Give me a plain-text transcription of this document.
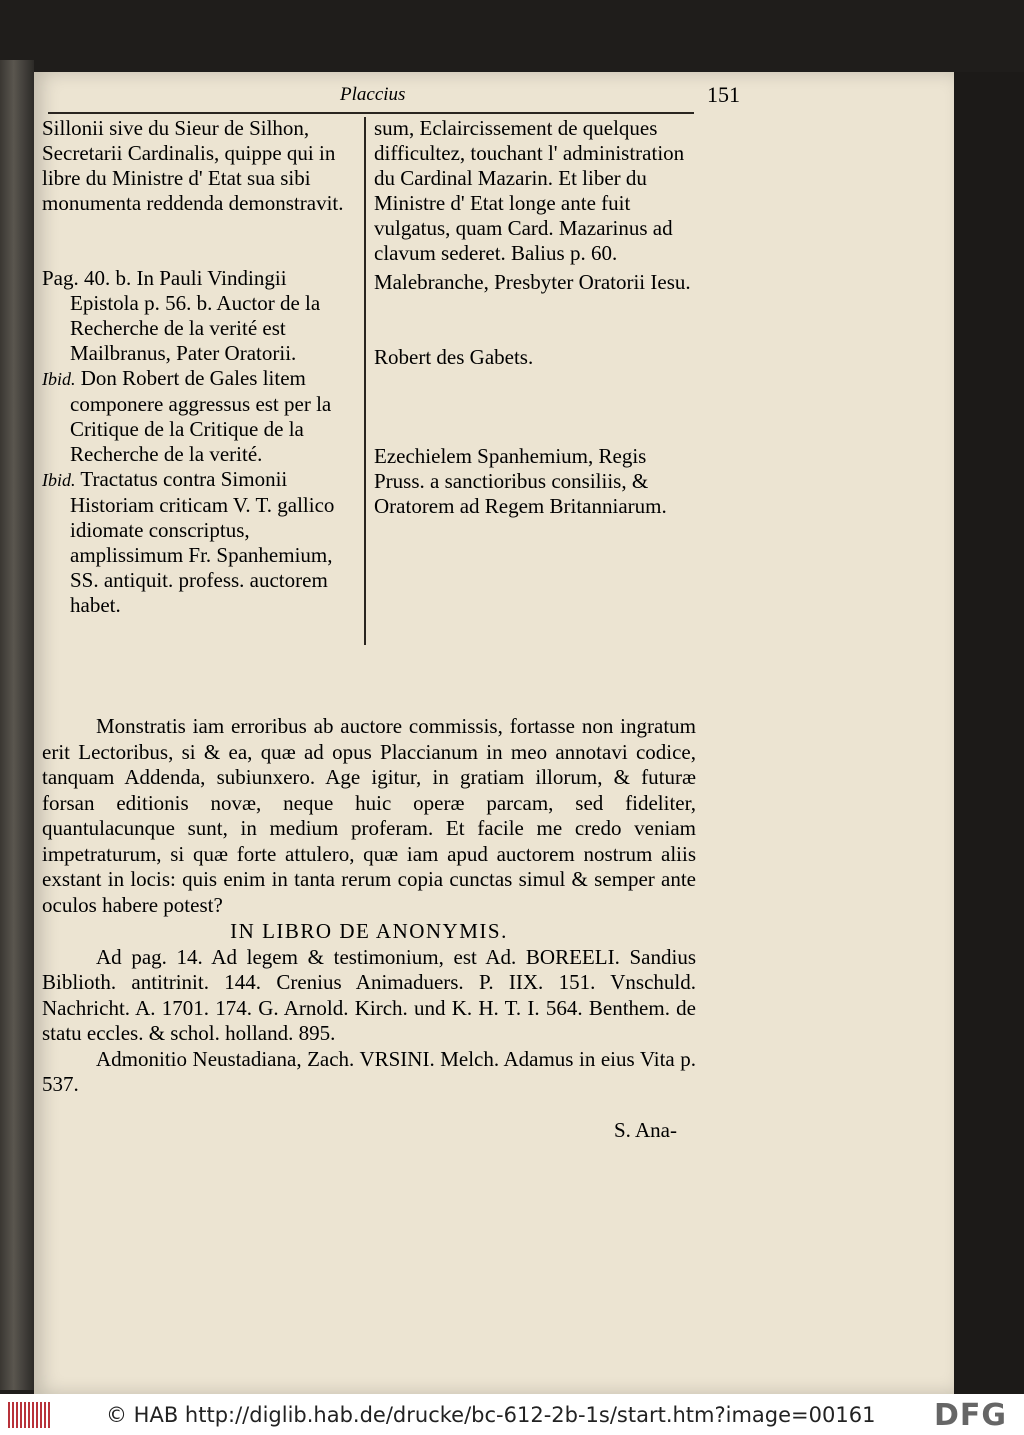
Placcius	151

Sillonii sive du Sieur de Silhon, Secretarii Cardinalis, quippe qui in libre du Ministre d' Etat sua sibi monumenta reddenda demonstravit.

Pag. 40. b. In Pauli Vindingii Epistola p. 56. b. Auctor de la Recherche de la verité est Mailbranus, Pater Oratorii.

Ibid. Don Robert de Gales litem componere aggressus est per la Critique de la Critique de la Recherche de la verité.

Ibid. Tractatus contra Simonii Historiam criticam V. T. gallico idiomate conscriptus, amplissimum Fr. Spanhemium, SS. antiquit. profess. auctorem habet.

sum, Eclaircissement de quelques difficultez, touchant l' administration du Cardinal Mazarin. Et liber du Ministre d' Etat longe ante fuit vulgatus, quam Card. Mazarinus ad clavum sederet. Balius p. 60.

Malebranche, Presbyter Oratorii Iesu.

Robert des Gabets.

Ezechielem Spanhemium, Regis Pruss. a sanctioribus consiliis, & Oratorem ad Regem Britanniarum.

Monstratis iam erroribus ab auctore commissis, fortasse non ingratum erit Lectoribus, si & ea, quæ ad opus Placcianum in meo annotavi codice, tanquam Addenda, subiunxero. Age igitur, in gratiam illorum, & futuræ forsan editionis novæ, neque huic operæ parcam, sed fideliter, quantulacunque sunt, in medium proferam. Et facile me credo veniam impetraturum, si quæ forte attulero, quæ iam apud auctorem nostrum aliis exstant in locis: quis enim in tanta rerum copia cunctas simul & semper ante oculos habere potest?

IN LIBRO DE ANONYMIS.

Ad pag. 14. Ad legem & testimonium, est Ad. BOREELI. Sandius Biblioth. antitrinit. 144. Crenius Animaduers. P. IIX. 151. Vnschuld. Nachricht. A. 1701. 174. G. Arnold. Kirch. und K. H. T. I. 564. Benthem. de statu eccles. & schol. holland. 895.

Admonitio Neustadiana, Zach. VRSINI. Melch. Adamus in eius Vita p. 537.

S. Ana-
© HAB http://diglib.hab.de/drucke/bc-612-2b-1s/start.htm?image=00161 DFG
